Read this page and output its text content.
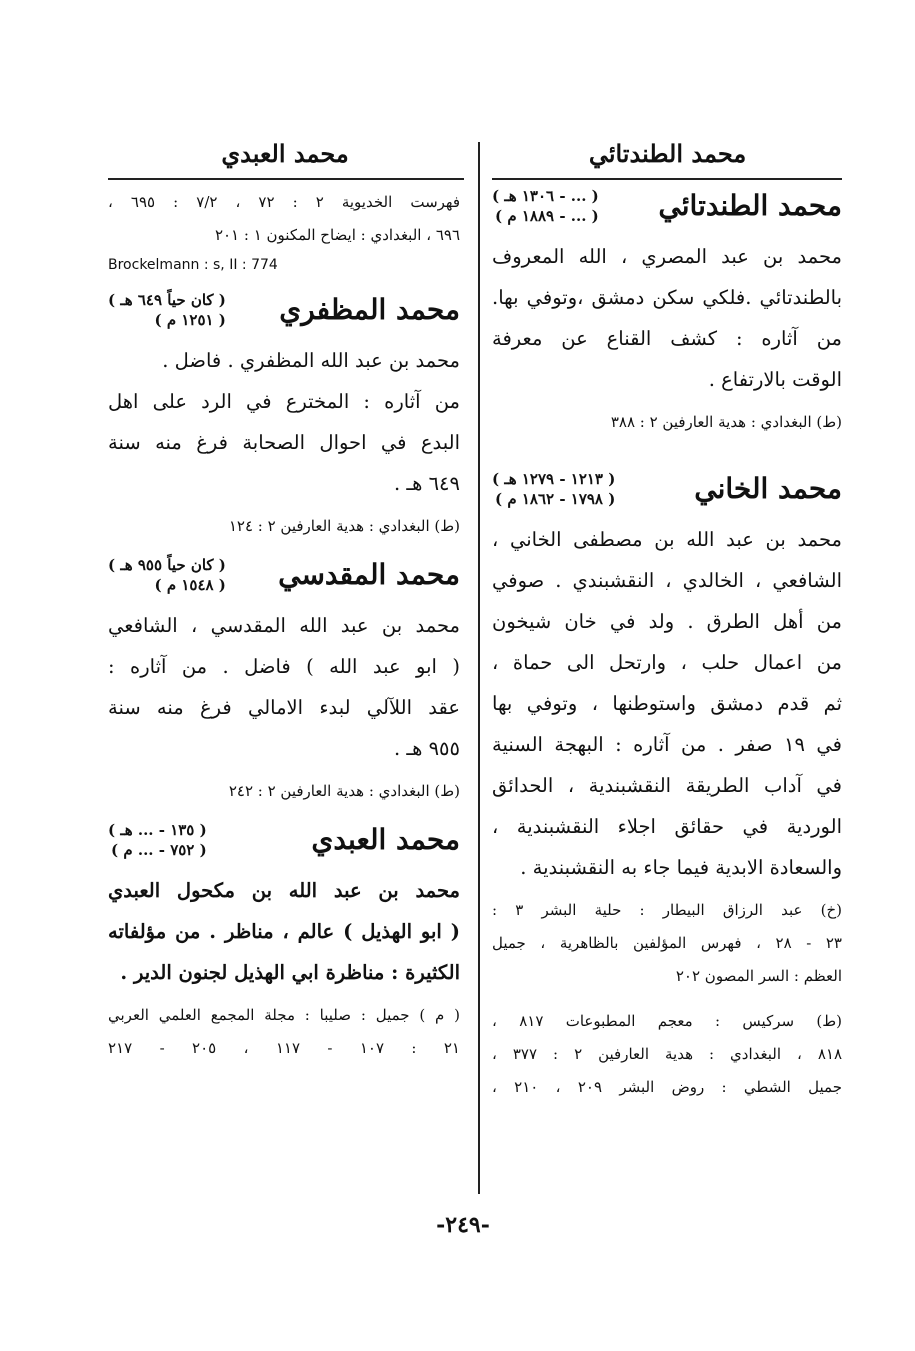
محمد الطندتائي
محمد العبدي
محمد الطندتائي
( ... - ١٣٠٦ هـ )
( ... - ١٨٨٩ م )

محمد بن عبد المصري ، الله المعروف
بالطندتائي .فلكي سكن دمشق ،وتوفي بها.
من آثاره : كشف القناع عن معرفة
الوقت بالارتفاع .

(ط) البغدادي : هدية العارفين ٢ : ٣٨٨
محمد الخاني
( ١٢١٣ - ١٢٧٩ هـ )
( ١٧٩٨ - ١٨٦٢ م )

محمد بن عبد الله بن مصطفى الخاني ،
الشافعي ، الخالدي ، النقشبندي . صوفي
من أهل الطرق . ولد في خان شيخون
من اعمال حلب ، وارتحل الى حماة ،
ثم قدم دمشق واستوطنها ، وتوفي بها
في ١٩ صفر . من آثاره : البهجة السنية
في آداب الطريقة النقشبندية ، الحدائق
الوردية في حقائق اجلاء النقشبندية ،
والسعادة الابدية فيما جاء به النقشبندية .

(خ) عبد الرزاق البيطار : حلية البشر ٣ :
٢٣ - ٢٨ ، فهرس المؤلفين بالظاهرية ، جميل
العظم : السر المصون ٢٠٢
(ط) سركيس : معجم المطبوعات ٨١٧ ،
٨١٨ ، البغدادي : هدية العارفين ٢ : ٣٧٧ ،
جميل الشطي : روض البشر ٢٠٩ ، ٢١٠ ،
فهرست الخديوية ٢ : ٧٢ ، ٧/٢ : ٦٩٥ ،
٦٩٦ ، البغدادي : ايضاح المكنون ١ : ٢٠١
Brockelmann : s, II : 774
محمد المظفري
( كان حياً ٦٤٩ هـ )
( ١٢٥١ م )

محمد بن عبد الله المظفري . فاضل .
من آثاره : المخترع في الرد على اهل
البدع في احوال الصحابة فرغ منه سنة
٦٤٩ هـ .

(ط) البغدادي : هدية العارفين ٢ : ١٢٤
محمد المقدسي
( كان حياً ٩٥٥ هـ )
( ١٥٤٨ م )

محمد بن عبد الله المقدسي ، الشافعي
( ابو عبد الله ) فاضل . من آثاره :
عقد اللآلي لبدء الامالي فرغ منه سنة
٩٥٥ هـ .

(ط) البغدادي : هدية العارفين ٢ : ٢٤٢
محمد العبدي
( ١٣٥ - ... هـ )
( ٧٥٢ - ... م )

محمد بن عبد الله بن مكحول العبدي
( ابو الهذيل ) عالم ، مناظر . من مؤلفاته
الكثيرة : مناظرة ابي الهذيل لجنون الدير .

( م ) جميل : صليبا : مجلة المجمع العلمي العربي
٢١ : ١٠٧ - ١١٧ ، ٢٠٥ - ٢١٧
-٢٤٩-
